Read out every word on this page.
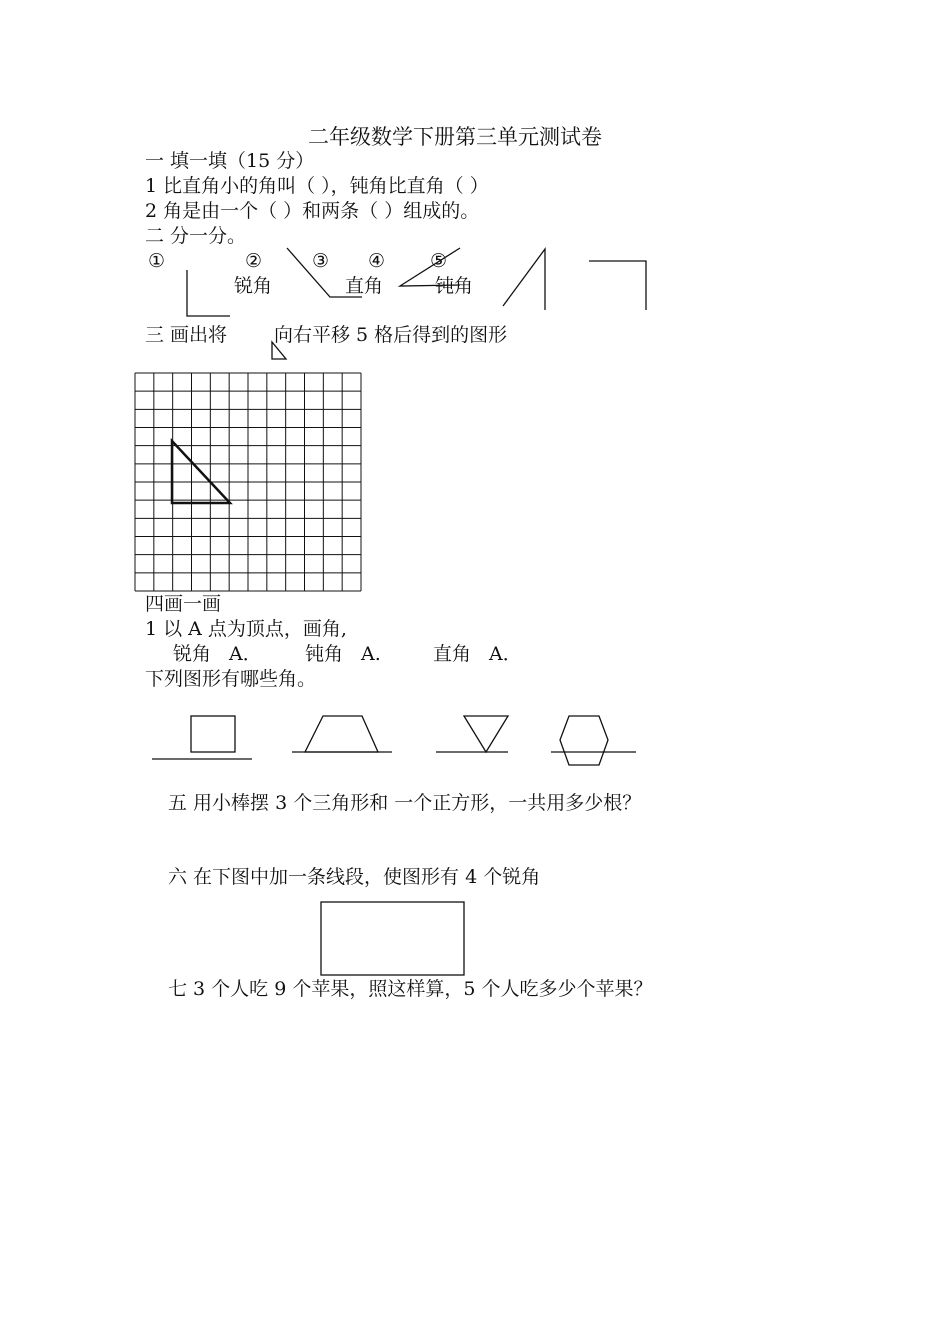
二年级数学下册第三单元测试卷
一 填一填（15 分）
1 比直角小的角叫（ ），钝角比直角（ ）
2 角是由一个（ ）和两条（ ）组成的。
二 分一分。
①	②	③ ④ ⑤
锐角	直角	钝角
三 画出将 向右平移 5 格后得到的图形
四画一画
1 以 A 点为顶点，画角,
锐角 A． 钝角 A.	直角 A．
下列图形有哪些角。
五 用小棒摆 3 个三角形和 一个正方形，一共用多少根？
六 在下图中加一条线段，使图形有 4 个锐角
七 3 个人吃 9 个苹果，照这样算，5 个人吃多少个苹果？
